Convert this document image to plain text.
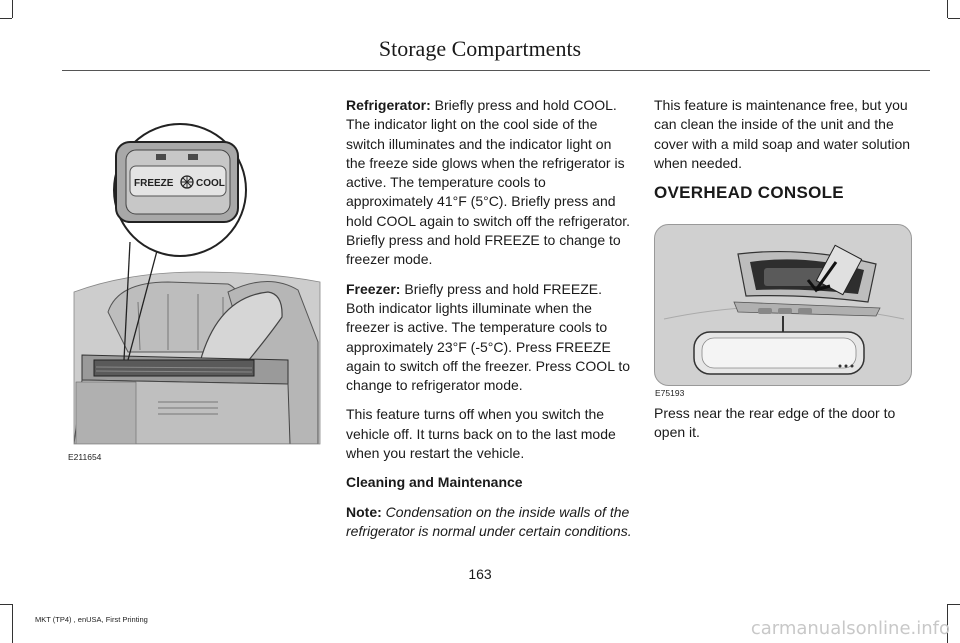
Storage Compartments
FREEZE COOL
E211654

Refrigerator: Briefly press and hold COOL. The indicator light on the cool side of the switch illuminates and the indicator light on the freeze side glows when the refrigerator is active. The temperature cools to approximately 41°F (5°C). Briefly press and hold COOL again to switch off the refrigerator. Briefly press and hold FREEZE to change to freezer mode.

Freezer: Briefly press and hold FREEZE. Both indicator lights illuminate when the freezer is active. The temperature cools to approximately 23°F (-5°C). Press FREEZE again to switch off the freezer. Press COOL to change to refrigerator mode.

This feature turns off when you switch the vehicle off. It turns back on to the last mode when you restart the vehicle.

Cleaning and Maintenance

Note: Condensation on the inside walls of the refrigerator is normal under certain conditions.

This feature is maintenance free, but you can clean the inside of the unit and the cover with a mild soap and water solution when needed.

OVERHEAD CONSOLE

E75193
Press near the rear edge of the door to open it.
163
MKT (TP4) , enUSA, First Printing	carmanualsonline.info
